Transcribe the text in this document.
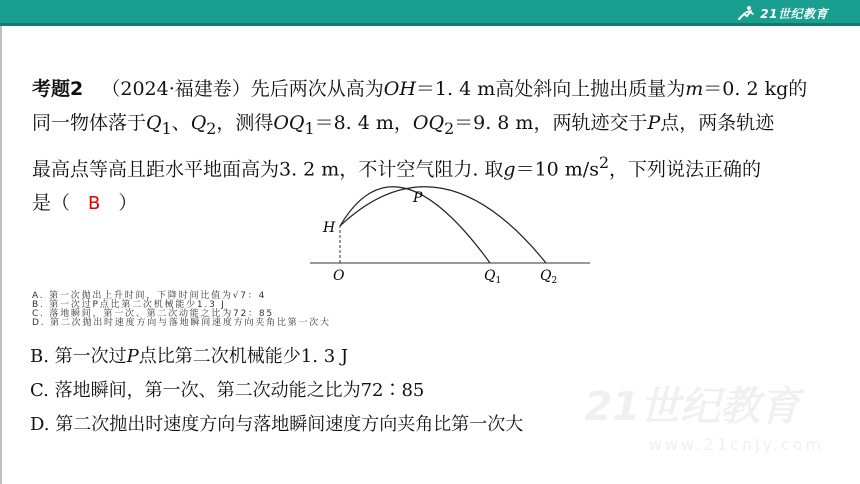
21世纪教育

考题2 （2024·福建卷）先后两次从高为OH＝1. 4 m高处斜向上抛出质量为m＝0. 2 kg的

同一物体落于$Q_1$、$Q_2$，测得$OQ_1=8$. 4 m，$OQ_2=9$. 8 m，两轨迹交于P点，两条轨迹

最高点等高且距水平地面高为3. 2 m，不计空气阻力. 取g＝10 $m/s^2$，下列说法正确的

是（ B ）

H
P
O	$Q_1$	$Q_2$
A. 第一次抛出上升时间，下降时间比值为√7：4
B. 第一次过P点比第二次机械能少1.3 J
C. 落地瞬间，第一次、第二次动能之比为72：85
D. 第二次抛出时速度方向与落地瞬间速度方向夹角比第一次大
B. 第一次过P点比第二次机械能少1. 3 J
C. 落地瞬间，第一次、第二次动能之比为72∶85
D. 第二次抛出时速度方向与落地瞬间速度方向夹角比第一次大 21世纪教育
www.21cnjy.com
